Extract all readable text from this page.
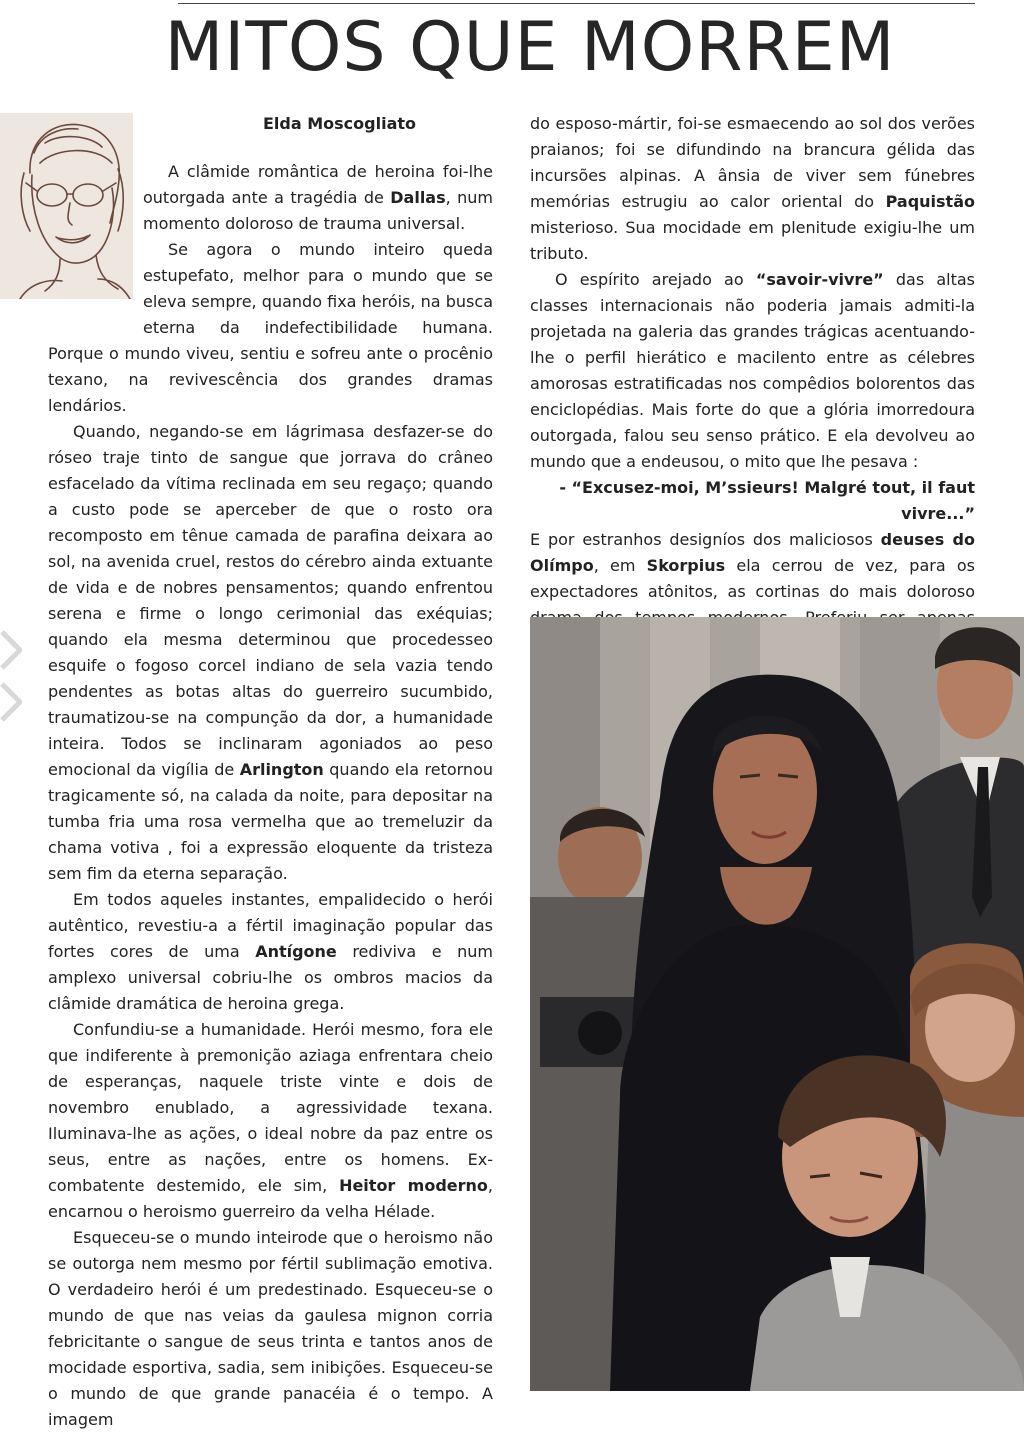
MITOS QUE MORREM
Elda Moscogliato

A clâmide romântica de heroina foi-lhe outorgada ante a tragédia de Dallas, num momento doloroso de trauma universal.

Se agora o mundo inteiro queda estupefato, melhor para o mundo que se eleva sempre, quando fixa heróis, na busca eterna da indefectibilidade humana. Porque o mundo viveu, sentiu e sofreu ante o procênio texano, na revivescência dos grandes dramas lendários.

Quando, negando-se em lágrimasa desfazer-se do róseo traje tinto de sangue que jorrava do crâneo esfacelado da vítima reclinada em seu regaço; quando a custo pode se aperceber de que o rosto ora recomposto em tênue camada de parafina deixara ao sol, na avenida cruel, restos do cérebro ainda extuante de vida e de nobres pensamentos; quando enfrentou serena e firme o longo cerimonial das exéquias; quando ela mesma determinou que procedesseo esquife o fogoso corcel indiano de sela vazia tendo pendentes as botas altas do guerreiro sucumbido, traumatizou-se na compunção da dor, a humanidade inteira. Todos se inclinaram agoniados ao peso emocional da vigília de Arlington quando ela retornou tragicamente só, na calada da noite, para depositar na tumba fria uma rosa vermelha que ao tremeluzir da chama votiva , foi a expressão eloquente da tristeza sem fim da eterna separação.

Em todos aqueles instantes, empalidecido o herói autêntico, revestiu-a a fértil imaginação popular das fortes cores de uma Antígone rediviva e num amplexo universal cobriu-lhe os ombros macios da clâmide dramática de heroina grega.

Confundiu-se a humanidade. Herói mesmo, fora ele que indiferente à premonição aziaga enfrentara cheio de esperanças, naquele triste vinte e dois de novembro enublado, a agressividade texana. Iluminava-lhe as ações, o ideal nobre da paz entre os seus, entre as nações, entre os homens. Ex-combatente destemido, ele sim, Heitor moderno, encarnou o heroismo guerreiro da velha Hélade.

Esqueceu-se o mundo inteirode que o heroismo não se outorga nem mesmo por fértil sublimação emotiva. O verdadeiro herói é um predestinado. Esqueceu-se o mundo de que nas veias da gaulesa mignon corria febricitante o sangue de seus trinta e tantos anos de mocidade esportiva, sadia, sem inibições. Esqueceu-se o mundo de que grande panacéia é o tempo. A imagem

do esposo-mártir, foi-se esmaecendo ao sol dos verões praianos; foi se difundindo na brancura gélida das incursões alpinas. A ânsia de viver sem fúnebres memórias estrugiu ao calor oriental do Paquistão misterioso. Sua mocidade em plenitude exigiu-lhe um tributo.

O espírito arejado ao “savoir-vivre” das altas classes internacionais não poderia jamais admiti-la projetada na galeria das grandes trágicas acentuando-lhe o perfil hierático e macilento entre as célebres amorosas estratificadas nos compêdios bolorentos das enciclopédias. Mais forte do que a glória imorredoura outorgada, falou seu senso prático. E ela devolveu ao mundo que a endeusou, o mito que lhe pesava :

- “Excusez-moi, M’ssieurs! Malgré tout, il faut vivre...”

E por estranhos designíos dos maliciosos deuses do Olímpo, em Skorpius ela cerrou de vez, para os expectadores atônitos, as cortinas do mais doloroso
